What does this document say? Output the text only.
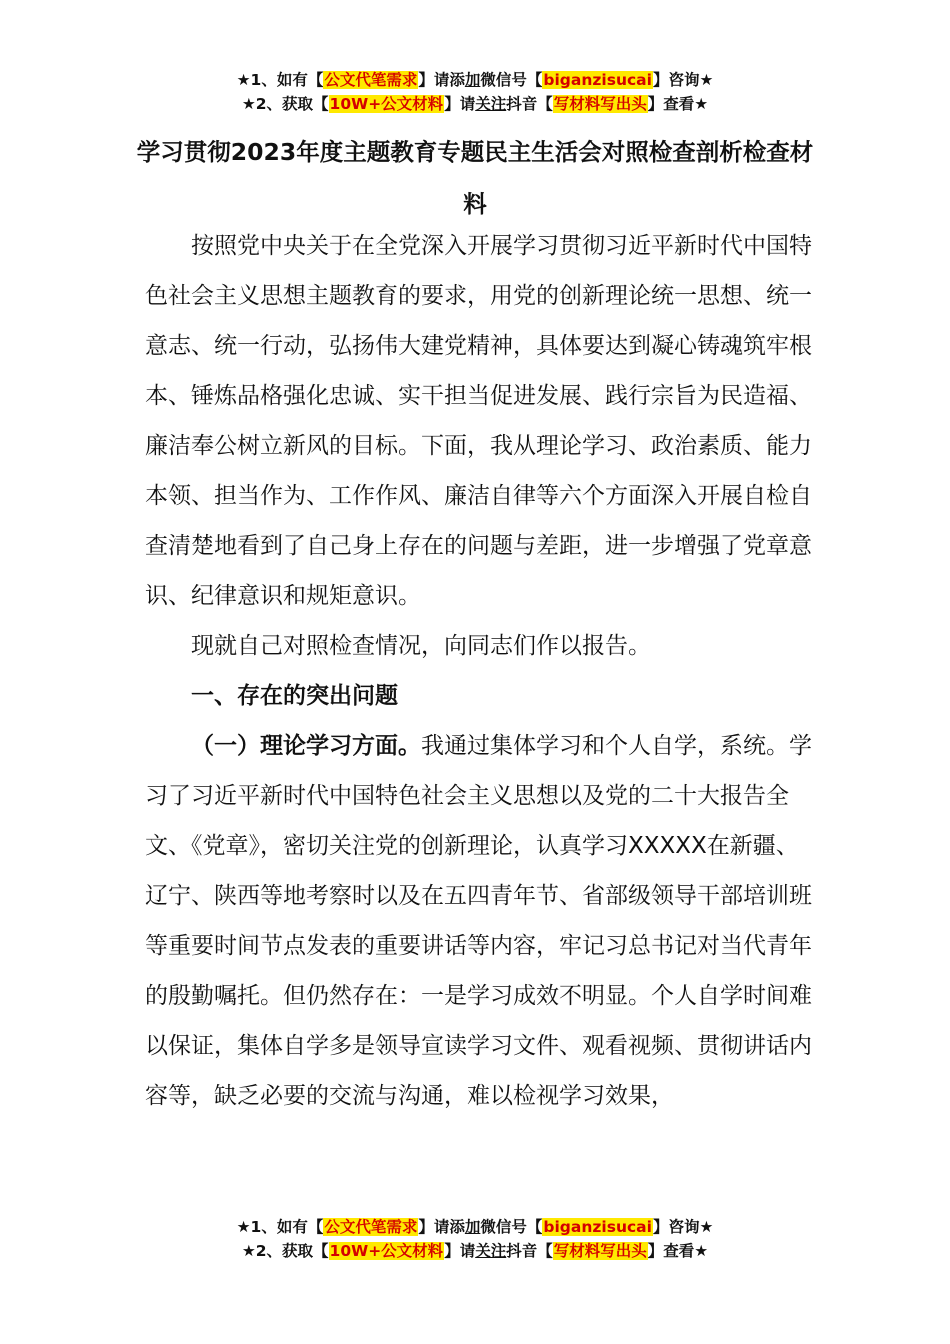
★1、如有【公文代笔需求】请添加微信号【biganzisucai】咨询★
★2、获取【10W+公文材料】请关注抖音【写材料写出头】查看★
学习贯彻2023年度主题教育专题民主生活会对照检查剖析检查材料

按照党中央关于在全党深入开展学习贯彻习近平新时代中国特色社会主义思想主题教育的要求，用党的创新理论统一思想、统一意志、统一行动，弘扬伟大建党精神，具体要达到凝心铸魂筑牢根本、锤炼品格强化忠诚、实干担当促进发展、践行宗旨为民造福、廉洁奉公树立新风的目标。下面，我从理论学习、政治素质、能力本领、担当作为、工作作风、廉洁自律等六个方面深入开展自检自查清楚地看到了自己身上存在的问题与差距，进一步增强了党章意识、纪律意识和规矩意识。

现就自己对照检查情况，向同志们作以报告。

一、存在的突出问题

（一）理论学习方面。我通过集体学习和个人自学，系统。学习了习近平新时代中国特色社会主义思想以及党的二十大报告全文、《党章》，密切关注党的创新理论，认真学习XXXXX在新疆、辽宁、陕西等地考察时以及在五四青年节、省部级领导干部培训班等重要时间节点发表的重要讲话等内容，牢记习总书记对当代青年的殷勤嘱托。但仍然存在：一是学习成效不明显。个人自学时间难以保证，集体自学多是领导宣读学习文件、观看视频、贯彻讲话内容等，缺乏必要的交流与沟通，难以检视学习效果，

★1、如有【公文代笔需求】请添加微信号【biganzisucai】咨询★
★2、获取【10W+公文材料】请关注抖音【写材料写出头】查看★
